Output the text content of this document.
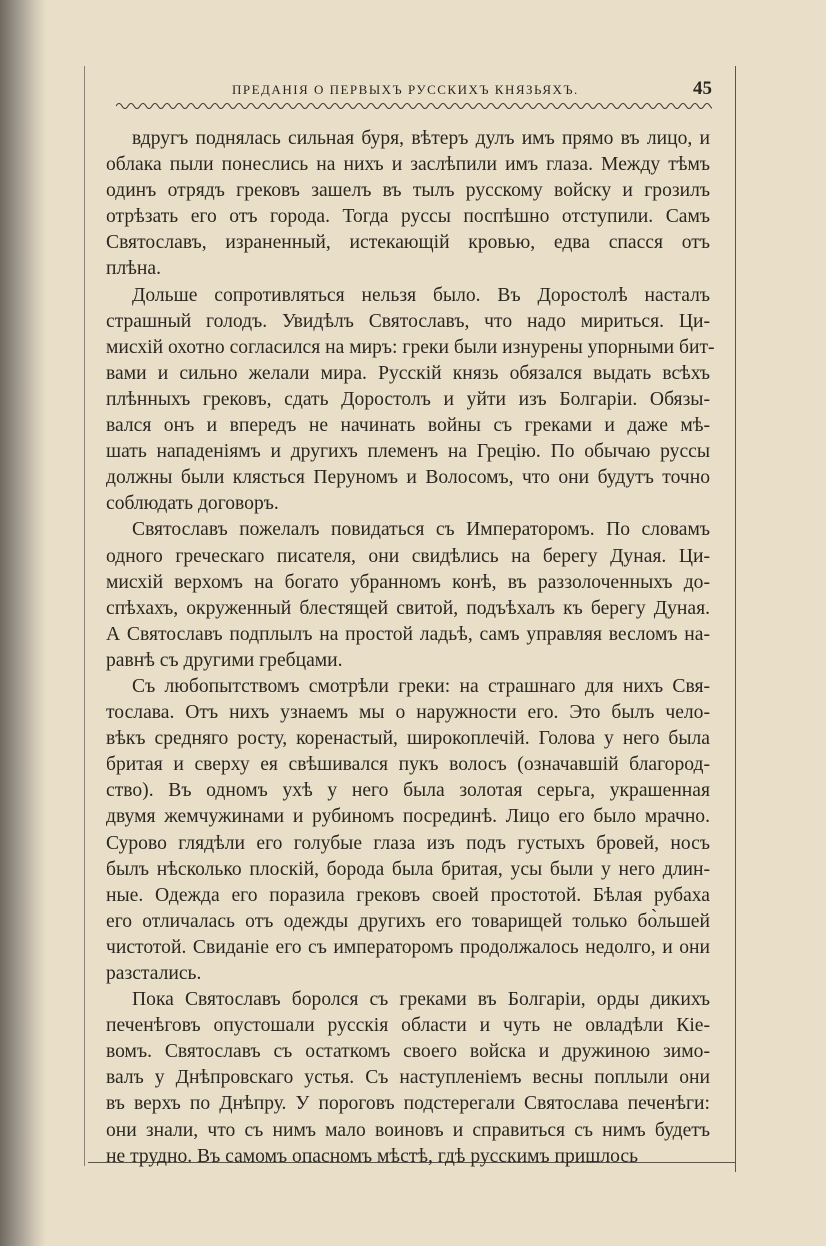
ПРЕДАНІЯ О ПЕРВЫХЪ РУССКИХЪ КНЯЗЬЯХЪ.	45

вдругъ поднялась сильная буря, вѣтеръ дулъ имъ прямо въ лицо, и
облака пыли понеслись на нихъ и заслѣпили имъ глаза. Между тѣмъ
одинъ отрядъ грековъ зашелъ въ тылъ русскому войску и грозилъ
отрѣзать его отъ города. Тогда руссы поспѣшно отступили. Самъ
Святославъ, израненный, истекающій кровью, едва спасся отъ
плѣна.

Дольше сопротивляться нельзя было. Въ Доростолѣ насталъ
страшный голодъ. Увидѣлъ Святославъ, что надо мириться. Ци-
мисхій охотно согласился на миръ: греки были изнурены упорными бит-
вами и сильно желали мира. Русскій князь обязался выдать всѣхъ
плѣнныхъ грековъ, сдать Доростолъ и уйти изъ Болгаріи. Обязы-
вался онъ и впередъ не начинать войны съ греками и даже мѣ-
шать нападеніямъ и другихъ племенъ на Грецію. По обычаю руссы
должны были клясться Перуномъ и Волосомъ, что они будутъ точно
соблюдать договоръ.

Святославъ пожелалъ повидаться съ Императоромъ. По словамъ
одного греческаго писателя, они свидѣлись на берегу Дуная. Ци-
мисхій верхомъ на богато убранномъ конѣ, въ раззолоченныхъ до-
спѣхахъ, окруженный блестящей свитой, подъѣхалъ къ берегу Дуная.
А Святославъ подплылъ на простой ладьѣ, самъ управляя весломъ на-
равнѣ съ другими гребцами.

Съ любопытствомъ смотрѣли греки: на страшнаго для нихъ Свя-
тослава. Отъ нихъ узнаемъ мы о наружности его. Это былъ чело-
вѣкъ средняго росту, коренастый, широкоплечій. Голова у него была
бритая и сверху ея свѣшивался пукъ волосъ (означавшій благород-
ство). Въ одномъ ухѣ у него была золотая серьга, украшенная
двумя жемчужинами и рубиномъ посрединѣ. Лицо его было мрачно.
Сурово глядѣли его голубые глаза изъ подъ густыхъ бровей, носъ
былъ нѣсколько плоскій, борода была бритая, усы были у него длин-
ные. Одежда его поразила грековъ своей простотой. Бѣлая рубаха
его отличалась отъ одежды другихъ его товарищей только бо̀льшей
чистотой. Свиданіе его съ императоромъ продолжалось недолго, и они
разстались.

Пока Святославъ боролся съ греками въ Болгаріи, орды дикихъ
печенѣговъ опустошали русскія области и чуть не овладѣли Кіе-
вомъ. Святославъ съ остаткомъ своего войска и дружиною зимо-
валъ у Днѣпровскаго устья. Съ наступленіемъ весны поплыли они
въ верхъ по Днѣпру. У пороговъ подстерегали Святослава печенѣги:
они знали, что съ нимъ мало воиновъ и справиться съ нимъ будетъ
не трудно. Въ самомъ опасномъ мѣстѣ, гдѣ русскимъ пришлось
